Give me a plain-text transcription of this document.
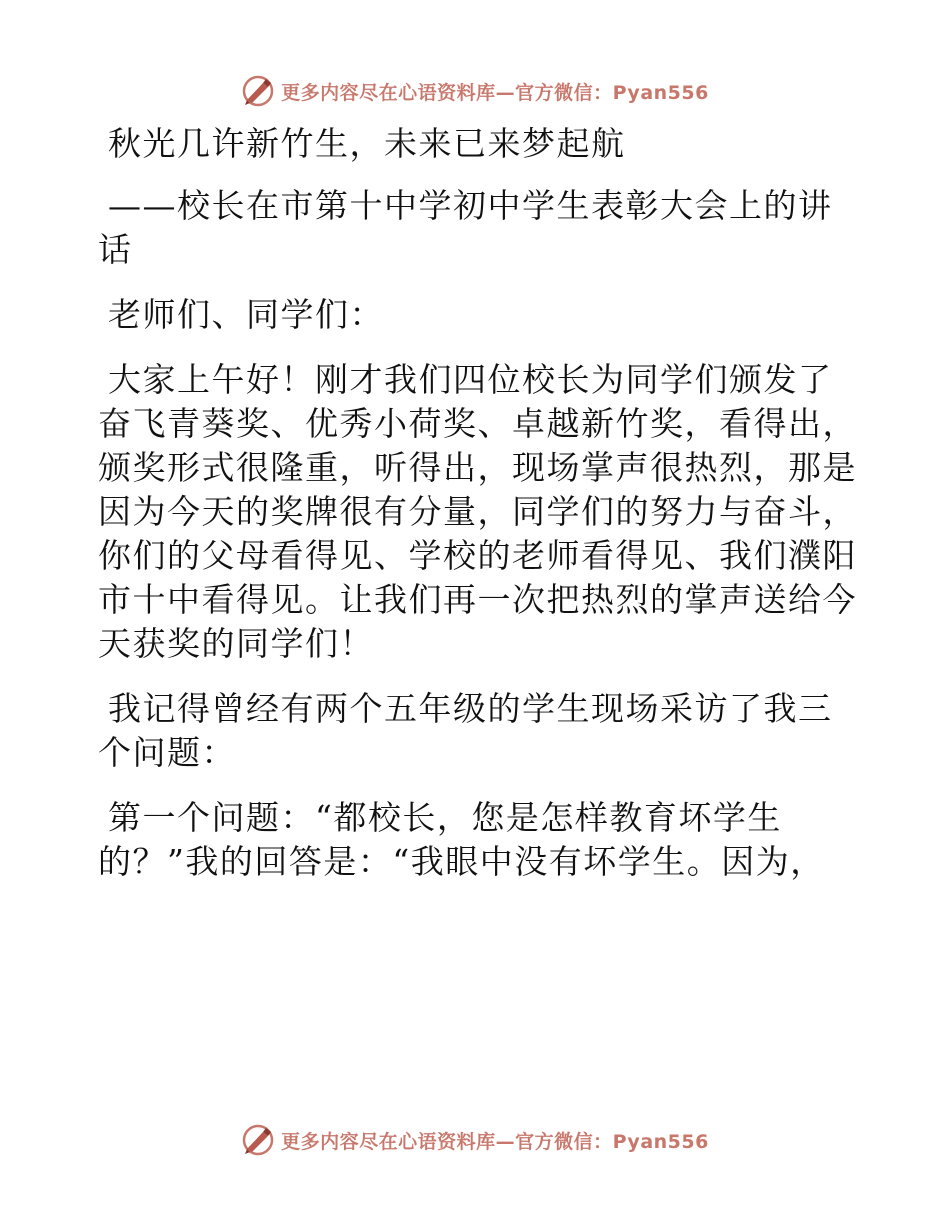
更多内容尽在心语资料库—官方微信：Pyan556
秋光几许新竹生，未来已来梦起航
——校长在市第十中学初中学生表彰大会上的讲
话
老师们、同学们：
大家上午好！刚才我们四位校长为同学们颁发了
奋飞青葵奖、优秀小荷奖、卓越新竹奖，看得出，
颁奖形式很隆重，听得出，现场掌声很热烈，那是
因为今天的奖牌很有分量，同学们的努力与奋斗，
你们的父母看得见、学校的老师看得见、我们濮阳
市十中看得见。让我们再一次把热烈的掌声送给今
天获奖的同学们！
我记得曾经有两个五年级的学生现场采访了我三
个问题：
第一个问题：“都校长，您是怎样教育坏学生
的？”我的回答是：“我眼中没有坏学生。因为，
更多内容尽在心语资料库—官方微信：Pyan556
